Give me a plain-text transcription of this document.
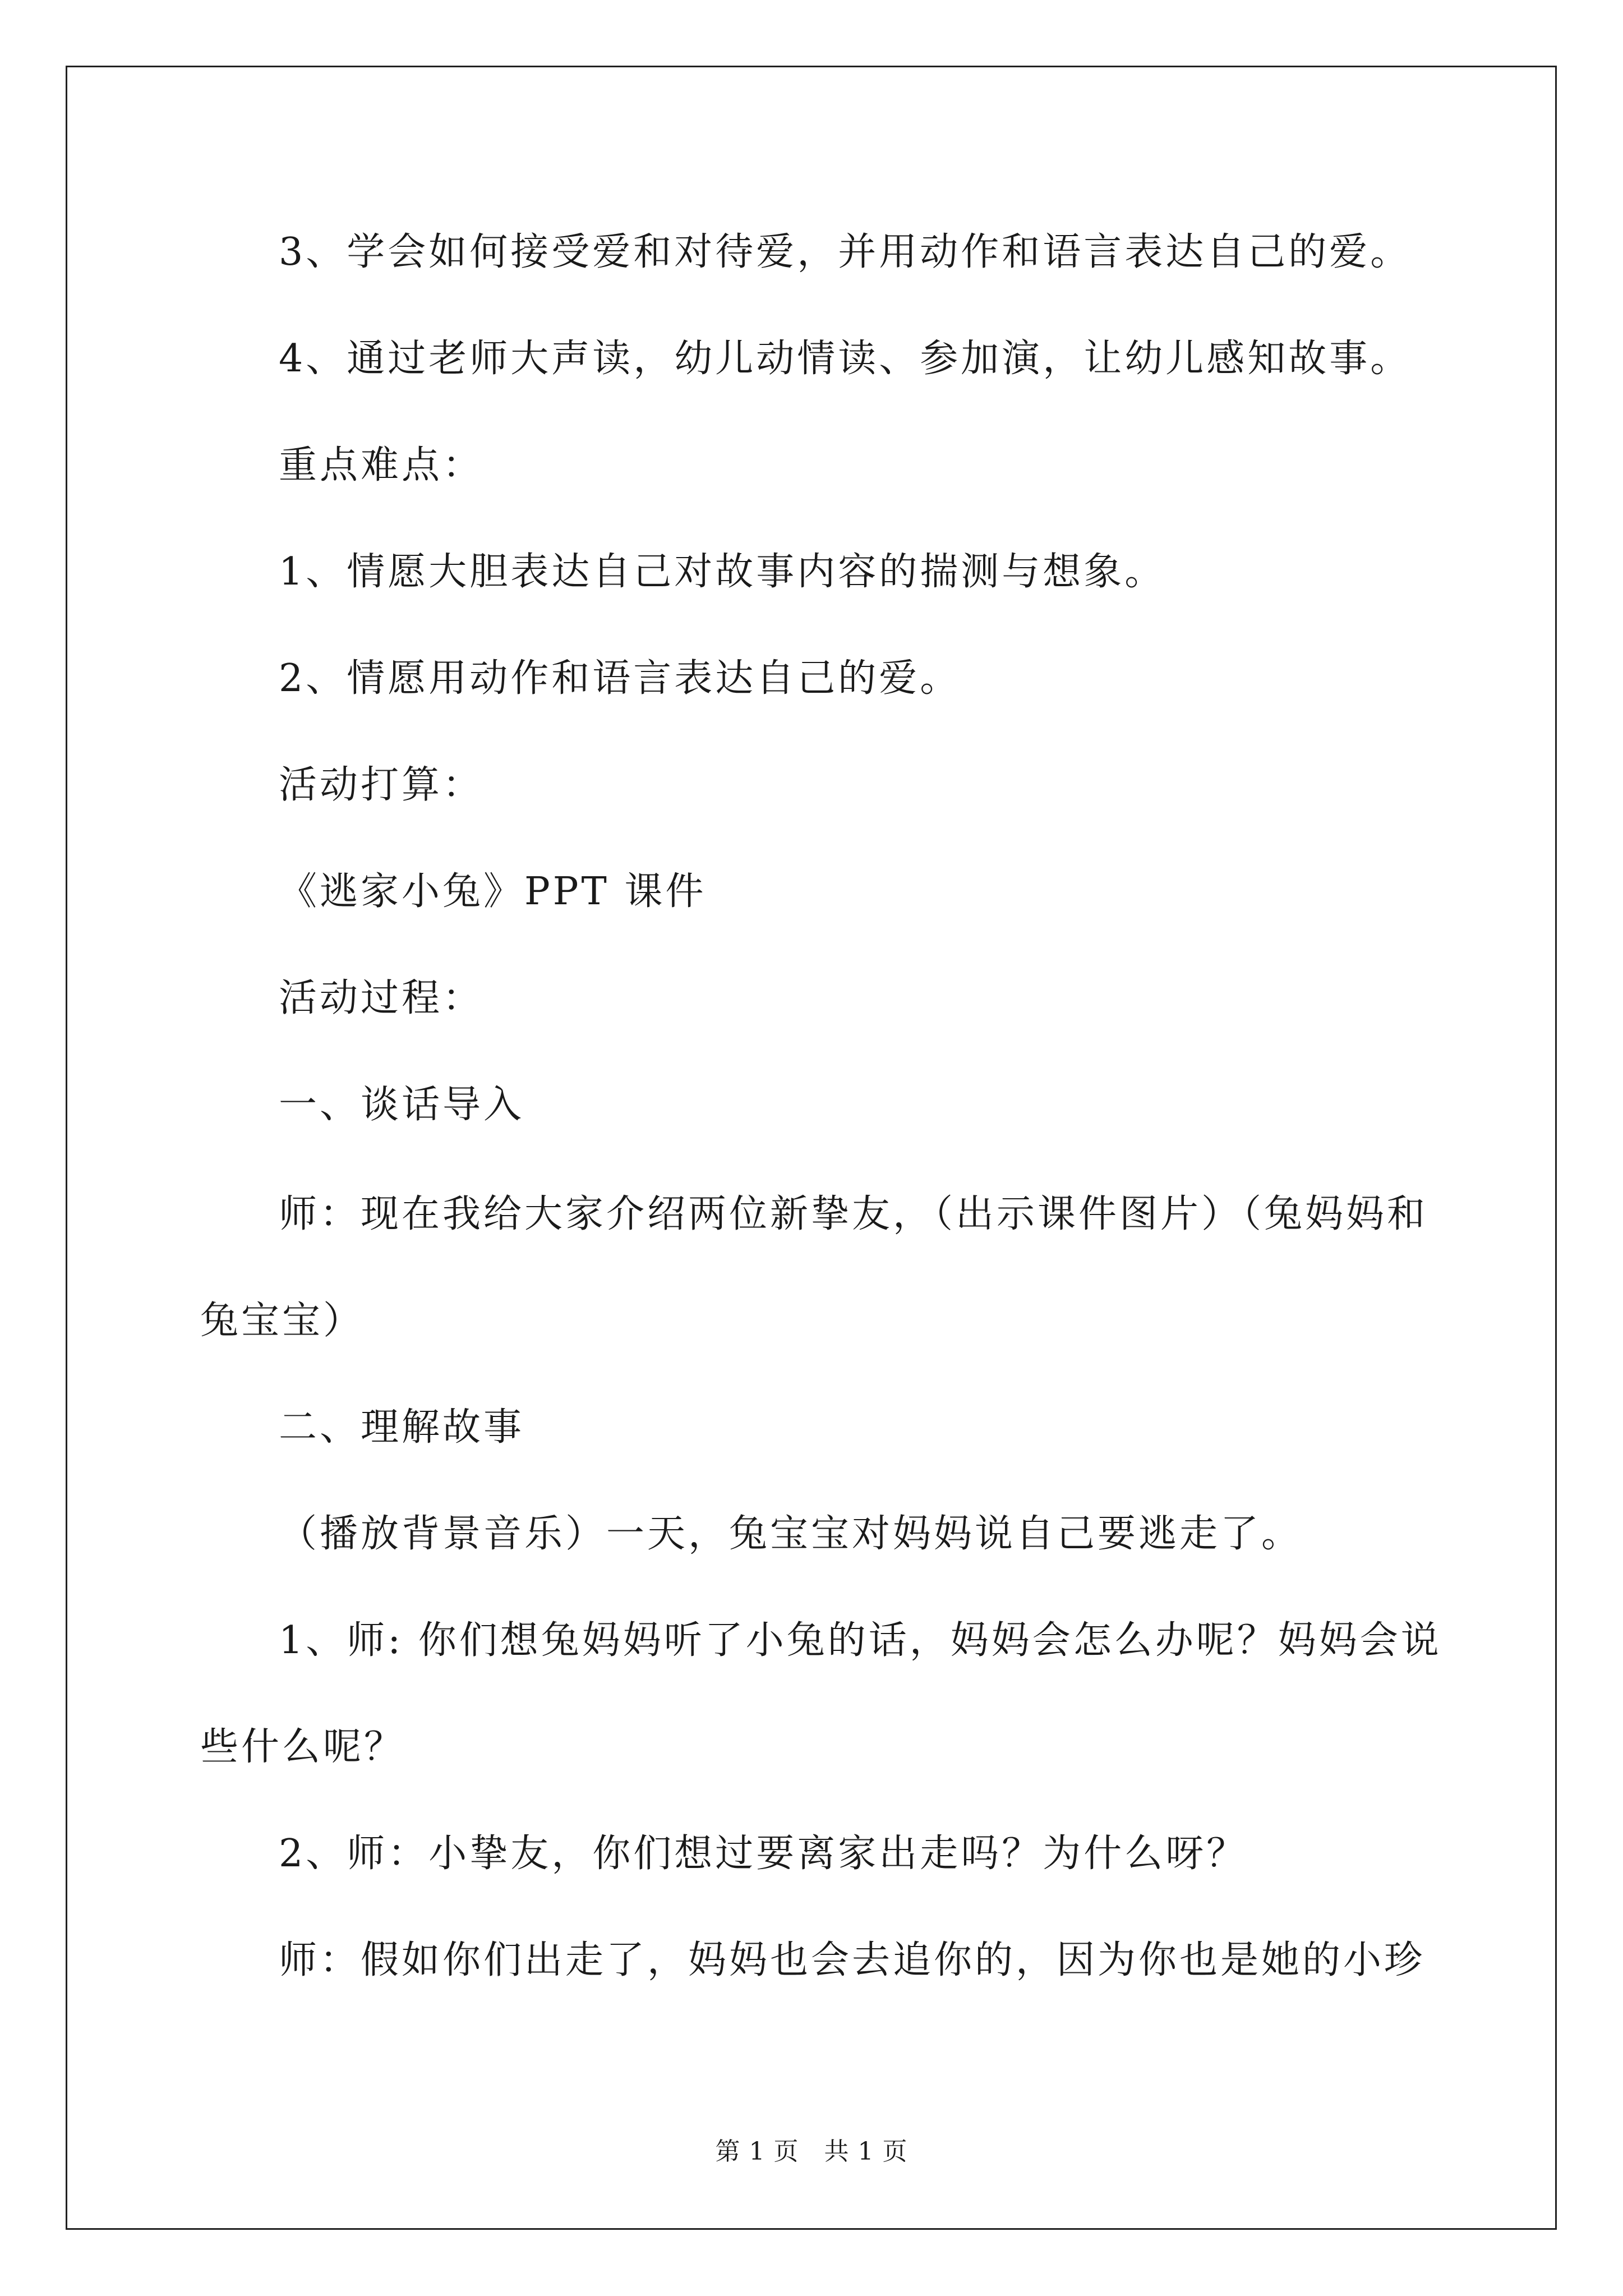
3、学会如何接受爱和对待爱，并用动作和语言表达自己的爱。
4、通过老师大声读，幼儿动情读、参加演，让幼儿感知故事。
重点难点：
1、情愿大胆表达自己对故事内容的揣测与想象。
2、情愿用动作和语言表达自己的爱。
活动打算：
《逃家小兔》PPT 课件
活动过程：
一、谈话导入
师：现在我给大家介绍两位新挚友，（出示课件图片）（兔妈妈和
兔宝宝）
二、理解故事
（播放背景音乐）一天，兔宝宝对妈妈说自己要逃走了。
1、师: 你们想兔妈妈听了小兔的话，妈妈会怎么办呢？妈妈会说
些什么呢？
2、师：小挚友，你们想过要离家出走吗？为什么呀？
师：假如你们出走了，妈妈也会去追你的，因为你也是她的小珍
第 1 页　共 1 页
